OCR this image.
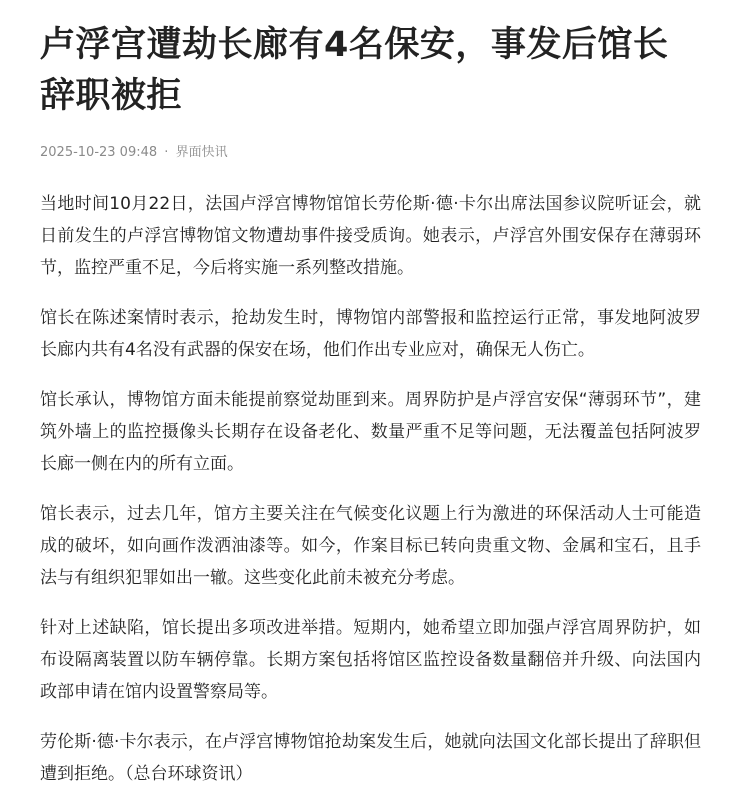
卢浮宫遭劫长廊有4名保安，事发后馆长辞职被拒
2025-10-23 09:48 · 界面快讯

当地时间10月22日，法国卢浮宫博物馆馆长劳伦斯·德·卡尔出席法国参议院听证会，就日前发生的卢浮宫博物馆文物遭劫事件接受质询。她表示，卢浮宫外围安保存在薄弱环节，监控严重不足，今后将实施一系列整改措施。

馆长在陈述案情时表示，抢劫发生时，博物馆内部警报和监控运行正常，事发地阿波罗长廊内共有4名没有武器的保安在场，他们作出专业应对，确保无人伤亡。

馆长承认，博物馆方面未能提前察觉劫匪到来。周界防护是卢浮宫安保“薄弱环节”，建筑外墙上的监控摄像头长期存在设备老化、数量严重不足等问题，无法覆盖包括阿波罗长廊一侧在内的所有立面。

馆长表示，过去几年，馆方主要关注在气候变化议题上行为激进的环保活动人士可能造成的破坏，如向画作泼洒油漆等。如今，作案目标已转向贵重文物、金属和宝石，且手法与有组织犯罪如出一辙。这些变化此前未被充分考虑。

针对上述缺陷，馆长提出多项改进举措。短期内，她希望立即加强卢浮宫周界防护，如布设隔离装置以防车辆停靠。长期方案包括将馆区监控设备数量翻倍并升级、向法国内政部申请在馆内设置警察局等。

劳伦斯·德·卡尔表示，在卢浮宫博物馆抢劫案发生后，她就向法国文化部长提出了辞职但遭到拒绝。（总台环球资讯）
